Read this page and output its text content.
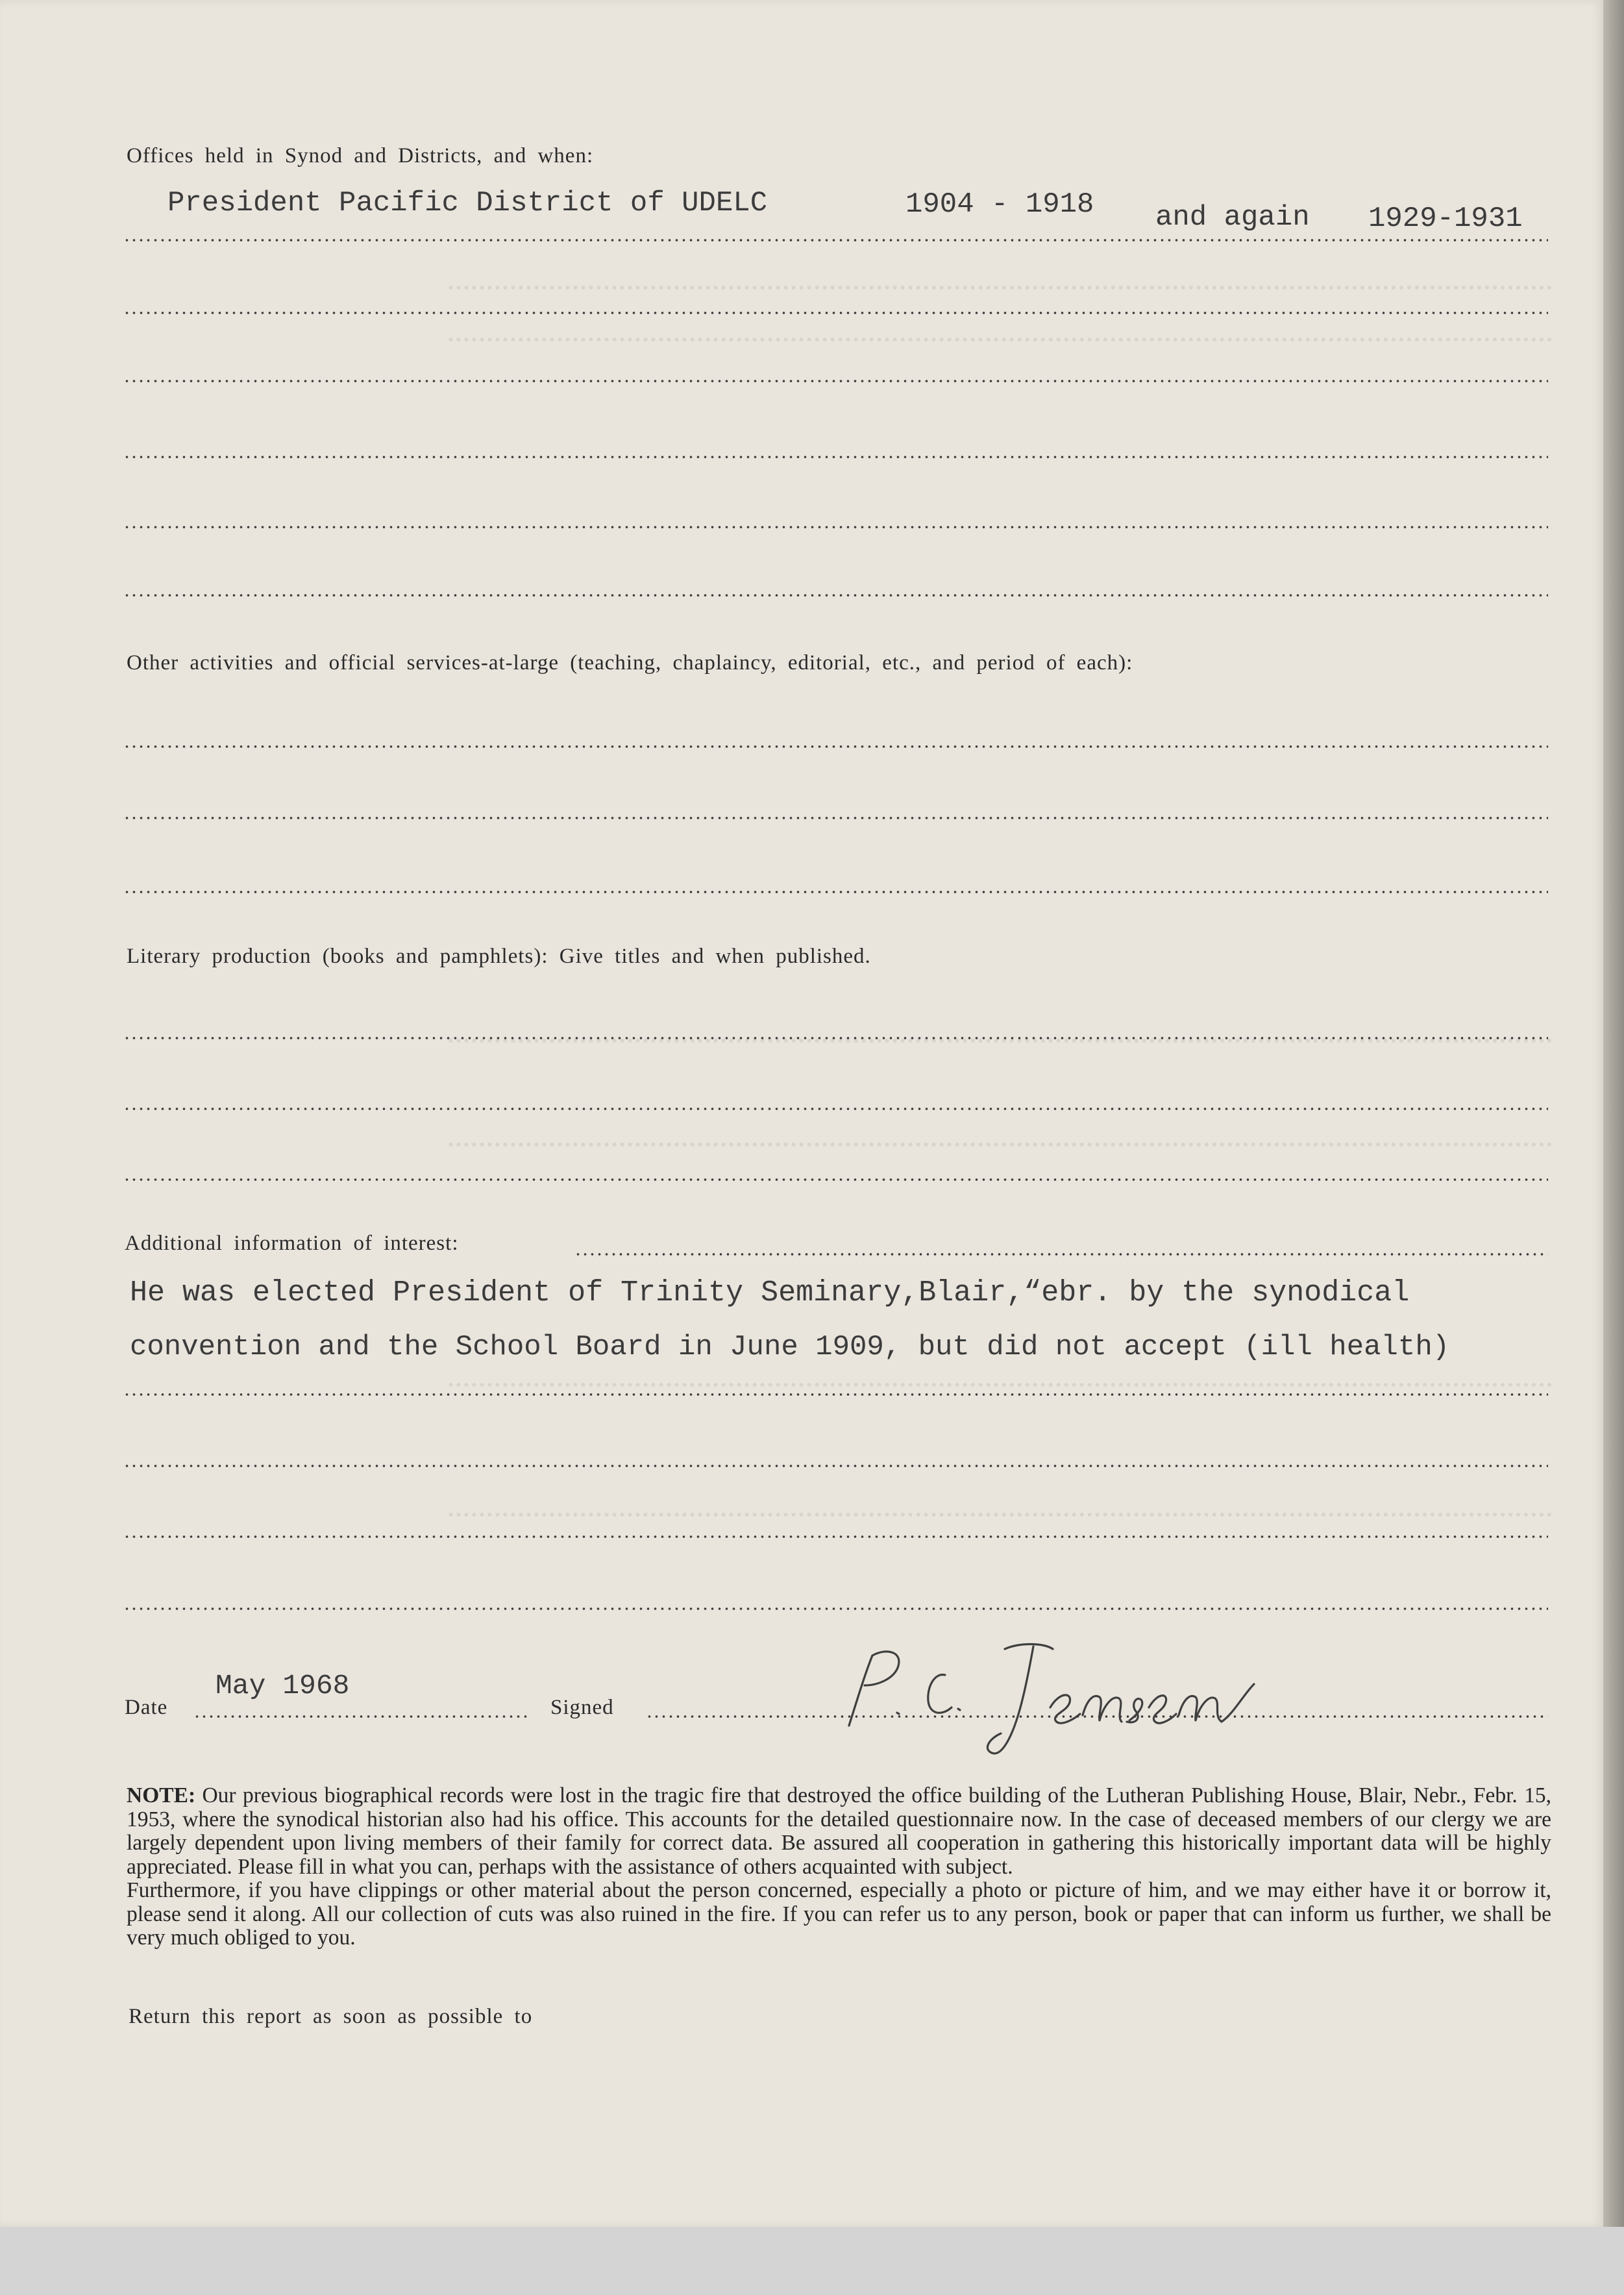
Offices held in Synod and Districts, and when:
President Pacific District of UDELC	1904 - 1918 and again 1929-1931
Other activities and official services-at-large (teaching, chaplaincy, editorial, etc., and period of each):
Literary production (books and pamphlets): Give titles and when published.
Additional information of interest:
He was elected President of Trinity Seminary,Blair,“ebr. by the synodical
convention and the School Board in June 1909, but did not accept (ill health)
Date
May 1968
Signed

NOTE: Our previous biographical records were lost in the tragic fire that destroyed the office building of the Lutheran Publishing House, Blair, Nebr., Febr. 15, 1953, where the synodical historian also had his office. This accounts for the detailed questionnaire now. In the case of deceased members of our clergy we are largely dependent upon living members of their family for correct data. Be assured all cooperation in gathering this historically important data will be highly appreciated. Please fill in what you can, perhaps with the assistance of others acquainted with subject.

Furthermore, if you have clippings or other material about the person concerned, especially a photo or picture of him, and we may either have it or borrow it, please send it along. All our collection of cuts was also ruined in the fire. If you can refer us to any person, book or paper that can inform us further, we shall be very much obliged to you.

Return this report as soon as possible to
